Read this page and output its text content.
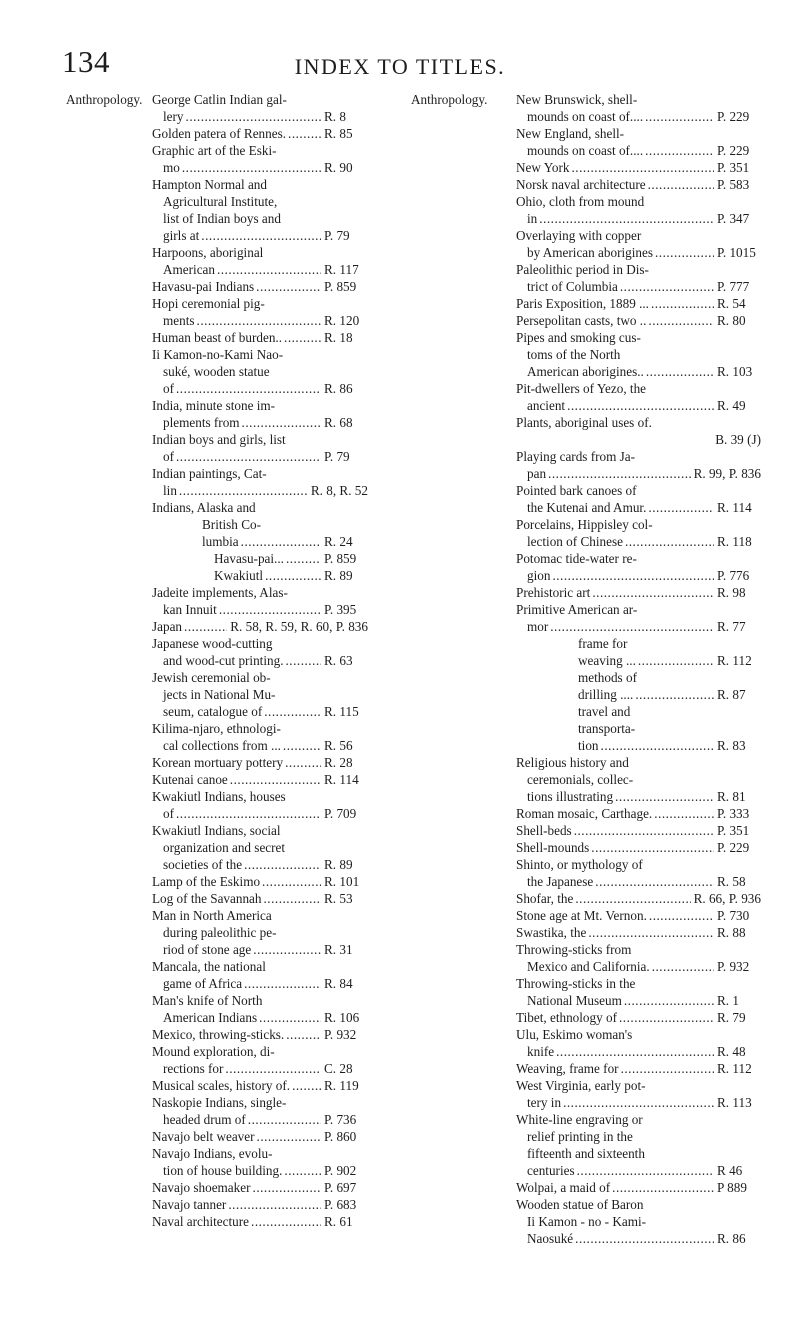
134	INDEX TO TITLES.
Anthropology. George Catlin Indian gal-
lery .....	R. 8
Golden patera of Rennes. .....	R. 85
Graphic art of the Eski-
mo .....	R. 90
Hampton Normal and
Agricultural Institute,
list of Indian boys and
girls at .....	P. 79
Harpoons, aboriginal
American .....	R. 117
Havasu-pai Indians .....	P. 859
Hopi ceremonial pig-
ments .....	R. 120
Human beast of burden.. .....	R. 18
Ii Kamon-no-Kami Nao-
suké, wooden statue
of .....	R. 86
India, minute stone im-
plements from .....	R. 68
Indian boys and girls, list
of .....	P. 79
Indian paintings, Cat-
lin .....	R. 8, R. 52
Indians, Alaska and
British Co-
lumbia .....	R. 24
Havasu-pai... .....	P. 859
Kwakiutl .....	R. 89
Jadeite implements, Alas-
kan Innuit .....	P. 395
Japan .....	R. 58, R. 59, R. 60, P. 836
Japanese wood-cutting
and wood-cut printing. .....	R. 63
Jewish ceremonial ob-
jects in National Mu-
seum, catalogue of .....	R. 115
Kilima-njaro, ethnologi-
cal collections from ... .....	R. 56
Korean mortuary pottery .....	R. 28
Kutenai canoe .....	R. 114
Kwakiutl Indians, houses
of .....	P. 709
Kwakiutl Indians, social
organization and secret
societies of the .....	R. 89
Lamp of the Eskimo .....	R. 101
Log of the Savannah .....	R. 53
Man in North America
during paleolithic pe-
riod of stone age .....	R. 31
Mancala, the national
game of Africa .....	R. 84
Man's knife of North
American Indians .....	R. 106
Mexico, throwing-sticks. .....	P. 932
Mound exploration, di-
rections for .....	C. 28
Musical scales, history of. .....	R. 119
Naskopie Indians, single-
headed drum of .....	P. 736
Navajo belt weaver .....	P. 860
Navajo Indians, evolu-
tion of house building. .....	P. 902
Navajo shoemaker .....	P. 697
Navajo tanner .....	P. 683
Naval architecture .....	R. 61
Anthropology. New Brunswick, shell-
mounds on coast of.... .....	P. 229
New England, shell-
mounds on coast of.... .....	P. 229
New York .....	P. 351
Norsk naval architecture .....	P. 583
Ohio, cloth from mound
in .....	P. 347
Overlaying with copper
by American aborigines .....	P. 1015
Paleolithic period in Dis-
trict of Columbia .....	P. 777
Paris Exposition, 1889 ... .....	R. 54
Persepolitan casts, two .. .....	R. 80
Pipes and smoking cus-
toms of the North
American aborigines.. .....	R. 103
Pit-dwellers of Yezo, the
ancient .....	R. 49
Plants, aboriginal uses of.
B. 39 (J)
Playing cards from Ja-
pan .....	R. 99, P. 836
Pointed bark canoes of
the Kutenai and Amur. .....	R. 114
Porcelains, Hippisley col-
lection of Chinese .....	R. 118
Potomac tide-water re-
gion .....	P. 776
Prehistoric art .....	R. 98
Primitive American ar-
mor .....	R. 77
frame for
weaving ... .....	R. 112
methods of
drilling .... .....	R. 87
travel and
transporta-
tion .....	R. 83
Religious history and
ceremonials, collec-
tions illustrating .....	R. 81
Roman mosaic, Carthage. .....	P. 333
Shell-beds .....	P. 351
Shell-mounds .....	P. 229
Shinto, or mythology of
the Japanese .....	R. 58
Shofar, the .....	R. 66, P. 936
Stone age at Mt. Vernon. .....	P. 730
Swastika, the .....	R. 88
Throwing-sticks from
Mexico and California. .....	P. 932
Throwing-sticks in the
National Museum .....	R. 1
Tibet, ethnology of .....	R. 79
Ulu, Eskimo woman's
knife .....	R. 48
Weaving, frame for .....	R. 112
West Virginia, early pot-
tery in .....	R. 113
White-line engraving or
relief printing in the
fifteenth and sixteenth
centuries .....	R 46
Wolpai, a maid of .....	P 889
Wooden statue of Baron
Ii Kamon - no - Kami-
Naosuké .....	R. 86
